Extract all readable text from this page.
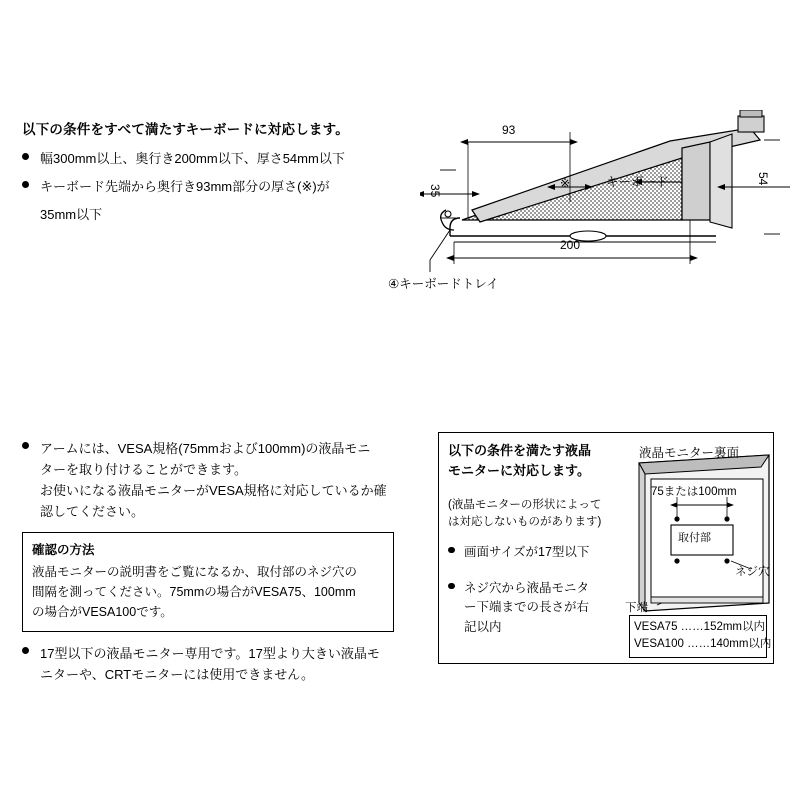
以下の条件をすべて満たすキーボードに対応します。
幅300mm以上、奥行き200mm以下、厚さ54mm以下
キーボード先端から奥行き93mm部分の厚さ(※)が
35mm以下
93
35
54
※
200
キーボード
④キーボードトレイ
アームには、VESA規格(75mmおよび100mm)の液晶モニ
ターを取り付けることができます。
お使いになる液晶モニターがVESA規格に対応しているか確
認してください。
確認の方法
液晶モニターの説明書をご覧になるか、取付部のネジ穴の
間隔を測ってください。75mmの場合がVESA75、100mm
の場合がVESA100です。
17型以下の液晶モニター専用です。17型より大きい液晶モ
ニターや、CRTモニターには使用できません。
以下の条件を満たす液晶
モニターに対応します。
(液晶モニターの形状によって
は対応しないものがあります)
画面サイズが17型以下
ネジ穴から液晶モニタ
ー下端までの長さが右
記以内
液晶モニター裏面
75または100mm
取付部
ネジ穴
下端
VESA75 ……152mm以内
VESA100 ……140mm以内
